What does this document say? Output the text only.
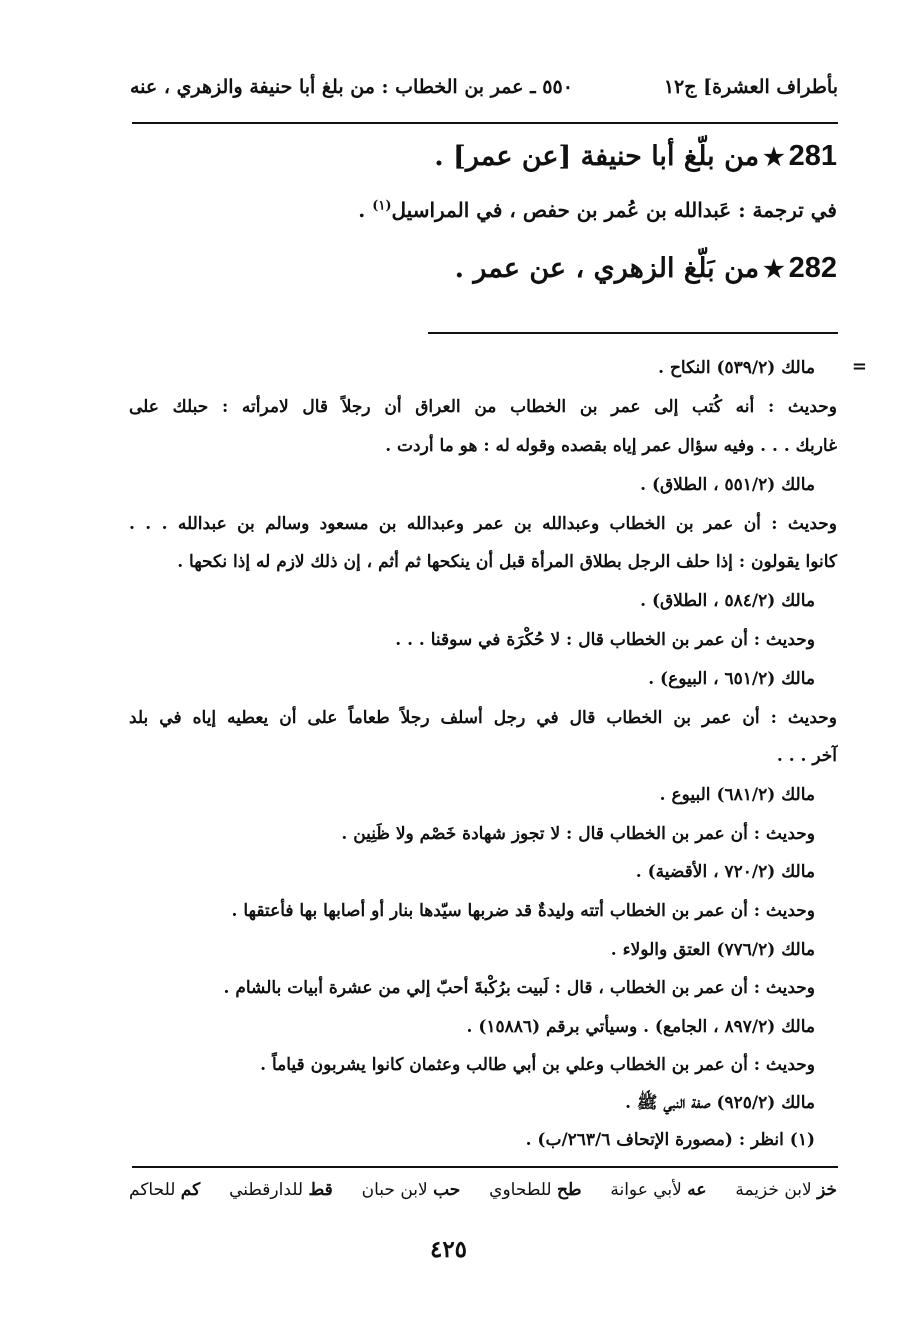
بأطراف العشرة] ج١٢
٥٥٠ ـ عمر بن الخطاب : من بلغ أبا حنيفة والزهري ، عنه
281★من بلّغ أبا حنيفة [عن عمر] .
في ترجمة : عَبدالله بن عُمر بن حفص ، في المراسيل$^{(١)}$ .
282★من بَلّغ الزهري ، عن عمر .
=
مالك (٥٣٩/٢) النكاح .
وحديث : أنه كُتب إلى عمر بن الخطاب من العراق أن رجلاً قال لامرأته : حبلك على
غاربك . . . وفيه سؤال عمر إياه بقصده وقوله له : هو ما أردت .
مالك (٥٥١/٢ ، الطلاق) .
وحديث : أن عمر بن الخطاب وعبدالله بن عمر وعبدالله بن مسعود وسالم بن عبدالله . . .
كانوا يقولون : إذا حلف الرجل بطلاق المرأة قبل أن ينكحها ثم أثم ، إن ذلك لازم له إذا نكحها .
مالك (٥٨٤/٢ ، الطلاق) .
وحديث : أن عمر بن الخطاب قال : لا حُكْرَة في سوقنا . . .
مالك (٦٥١/٢ ، البيوع) .
وحديث : أن عمر بن الخطاب قال في رجل أسلف رجلاً طعاماً على أن يعطيه إياه في بلد
آخر . . .
مالك (٦٨١/٢) البيوع .
وحديث : أن عمر بن الخطاب قال : لا تجوز شهادة خَصْم ولا ظَنِين .
مالك (٧٢٠/٢ ، الأقضية) .
وحديث : أن عمر بن الخطاب أتته وليدةٌ قد ضربها سيّدها بنار أو أصابها بها فأعتقها .
مالك (٧٧٦/٢) العتق والولاء .
وحديث : أن عمر بن الخطاب ، قال : لَبيت برُكْبةَ أحبّ إلي من عشرة أبيات بالشام .
مالك (٨٩٧/٢ ، الجامع) . وسيأتي برقم (١٥٨٨٦) .
وحديث : أن عمر بن الخطاب وعلي بن أبي طالب وعثمان كانوا يشربون قياماً .
مالك (٩٢٥/٢) صفة النبي ﷺ .
(١) انظر : (مصورة الإتحاف ٢٦٣/٦/ب) .
خز لابن خزيمة
عه لأبي عوانة
طح للطحاوي
حب لابن حبان
قط للدارقطني
كم للحاكم
٤٢٥
